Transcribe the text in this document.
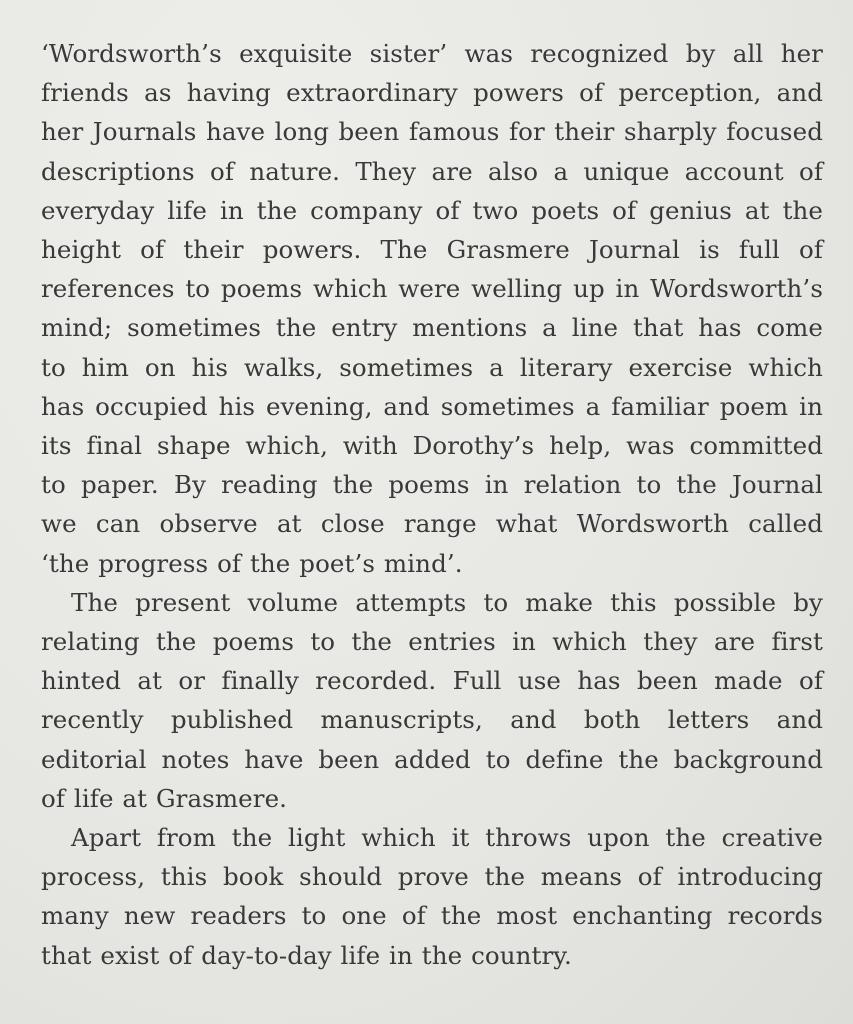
‘Wordsworth’s exquisite sister’ was recognized by all her
friends as having extraordinary powers of perception, and
her Journals have long been famous for their sharply focused
descriptions of nature. They are also a unique account of
everyday life in the company of two poets of genius at the
height of their powers. The Grasmere Journal is full of
references to poems which were welling up in Wordsworth’s
mind; sometimes the entry mentions a line that has come
to him on his walks, sometimes a literary exercise which
has occupied his evening, and sometimes a familiar poem in
its final shape which, with Dorothy’s help, was committed
to paper. By reading the poems in relation to the Journal
we can observe at close range what Wordsworth called
‘the progress of the poet’s mind’.

The present volume attempts to make this possible by
relating the poems to the entries in which they are first
hinted at or finally recorded. Full use has been made of
recently published manuscripts, and both letters and
editorial notes have been added to define the background
of life at Grasmere.

Apart from the light which it throws upon the creative
process, this book should prove the means of introducing
many new readers to one of the most enchanting records
that exist of day-to-day life in the country.
